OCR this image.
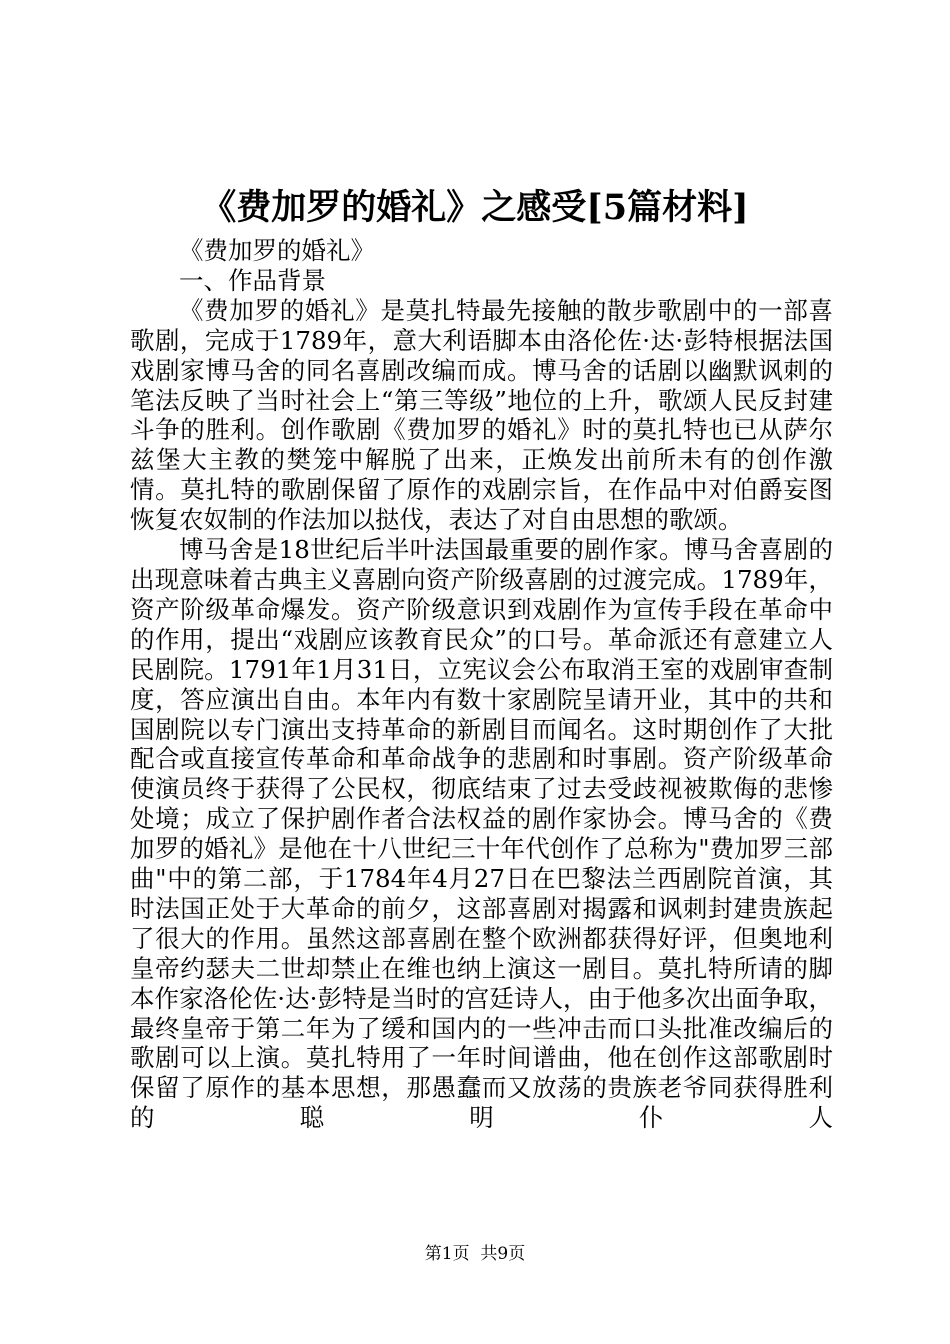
《费加罗的婚礼》之感受[5篇材料]
《费加罗的婚礼》
一、作品背景
《费加罗的婚礼》是莫扎特最先接触的散步歌剧中的一部喜歌剧，完成于1789年，意大利语脚本由洛伦佐·达·彭特根据法国戏剧家博马舍的同名喜剧改编而成。博马舍的话剧以幽默讽刺的笔法反映了当时社会上“第三等级”地位的上升，歌颂人民反封建斗争的胜利。创作歌剧《费加罗的婚礼》时的莫扎特也已从萨尔兹堡大主教的樊笼中解脱了出来，正焕发出前所未有的创作激情。莫扎特的歌剧保留了原作的戏剧宗旨，在作品中对伯爵妄图恢复农奴制的作法加以挞伐，表达了对自由思想的歌颂。
博马舍是18世纪后半叶法国最重要的剧作家。博马舍喜剧的出现意味着古典主义喜剧向资产阶级喜剧的过渡完成。1789年，资产阶级革命爆发。资产阶级意识到戏剧作为宣传手段在革命中的作用，提出“戏剧应该教育民众”的口号。革命派还有意建立人民剧院。1791年1月31日，立宪议会公布取消王室的戏剧审查制度，答应演出自由。本年内有数十家剧院呈请开业，其中的共和国剧院以专门演出支持革命的新剧目而闻名。这时期创作了大批配合或直接宣传革命和革命战争的悲剧和时事剧。资产阶级革命使演员终于获得了公民权，彻底结束了过去受歧视被欺侮的悲惨处境；成立了保护剧作者合法权益的剧作家协会。博马舍的《费加罗的婚礼》是他在十八世纪三十年代创作了总称为"费加罗三部曲"中的第二部，于1784年4月27日在巴黎法兰西剧院首演，其时法国正处于大革命的前夕，这部喜剧对揭露和讽刺封建贵族起了很大的作用。虽然这部喜剧在整个欧洲都获得好评，但奥地利皇帝约瑟夫二世却禁止在维也纳上演这一剧目。莫扎特所请的脚本作家洛伦佐·达·彭特是当时的宫廷诗人，由于他多次出面争取，最终皇帝于第二年为了缓和国内的一些冲击而口头批准改编后的歌剧可以上演。莫扎特用了一年时间谱曲，他在创作这部歌剧时保留了原作的基本思想，那愚蠢而又放荡的贵族老爷同获得胜利的聪明仆人
第1页  共9页
